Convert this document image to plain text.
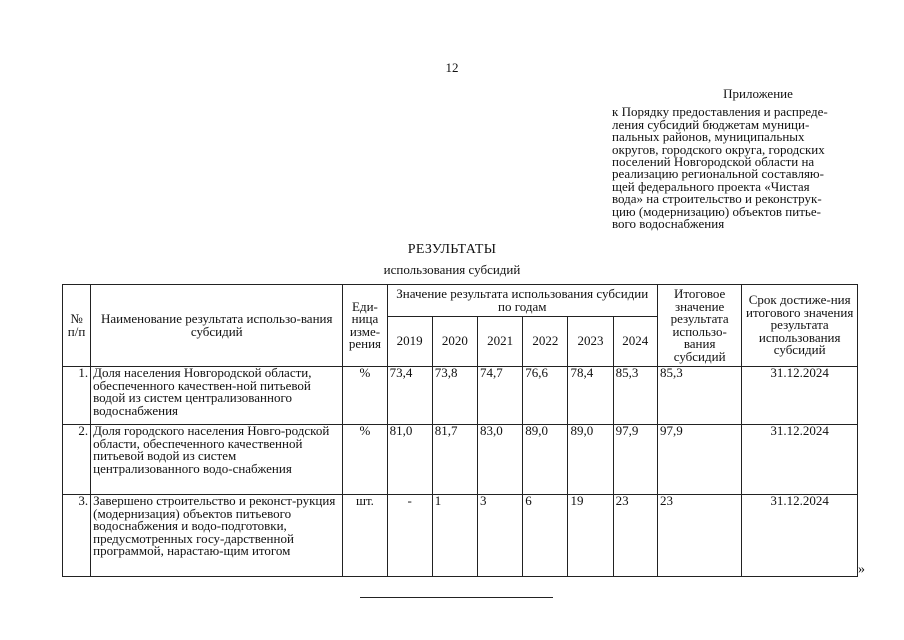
12
Приложение
к Порядку предоставления и распреде-
ления субсидий бюджетам муници-
пальных районов, муниципальных
округов, городского округа, городских
поселений Новгородской области на
реализацию региональной составляю-
щей федерального проекта «Чистая
вода» на строительство и реконструк-
цию (модернизацию) объектов питье-
вого водоснабжения
РЕЗУЛЬТАТЫ
использования субсидий
№ п/п	Наименование результата использо-вания субсидий	Еди-ница изме-рения	Значение результата использования субсидии по годам						Итоговое значение результата использо-вания субсидий	Срок достиже-ния итогового значения результата использования субсидий
			2019	2020	2021	2022	2023	2024		
1.	Доля населения Новгородской области, обеспеченного качествен-ной питьевой водой из систем централизованного водоснабжения	%	73,4	73,8	74,7	76,6	78,4	85,3	85,3	31.12.2024
2.	Доля городского населения Новго-родской области, обеспеченного качественной питьевой водой из систем централизованного водо-снабжения	%	81,0	81,7	83,0	89,0	89,0	97,9	97,9	31.12.2024
3.	Завершено строительство и реконст-рукция (модернизация) объектов питьевого водоснабжения и водо-подготовки, предусмотренных госу-дарственной программой, нарастаю-щим итогом	шт.	-	1	3	6	19	23	23	31.12.2024
»
